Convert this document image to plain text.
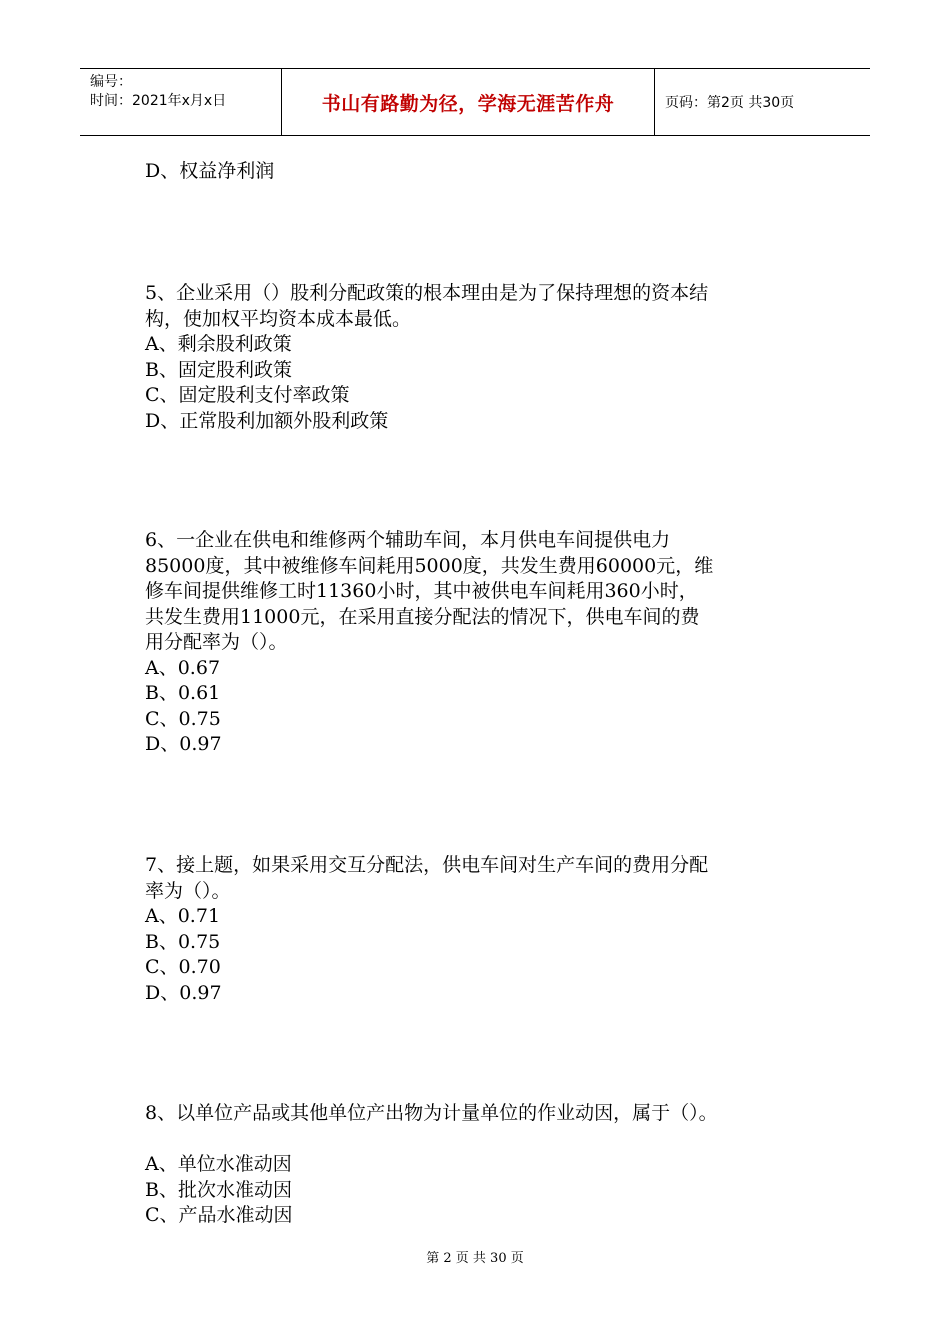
编号：
时间：2021年x月x日	书山有路勤为径，学海无涯苦作舟	页码：第2页 共30页
D、权益净利润
5、企业采用（）股利分配政策的根本理由是为了保持理想的资本结
构，使加权平均资本成本最低。
A、剩余股利政策
B、固定股利政策
C、固定股利支付率政策
D、正常股利加额外股利政策
6、一企业在供电和维修两个辅助车间，本月供电车间提供电力
85000度，其中被维修车间耗用5000度，共发生费用60000元，维
修车间提供维修工时11360小时，其中被供电车间耗用360小时，
共发生费用11000元，在采用直接分配法的情况下，供电车间的费
用分配率为（）。
A、0.67
B、0.61
C、0.75
D、0.97
7、接上题，如果采用交互分配法，供电车间对生产车间的费用分配
率为（）。
A、0.71
B、0.75
C、0.70
D、0.97
8、以单位产品或其他单位产出物为计量单位的作业动因，属于（）。
A、单位水准动因
B、批次水准动因
C、产品水准动因
第 2 页 共 30 页
